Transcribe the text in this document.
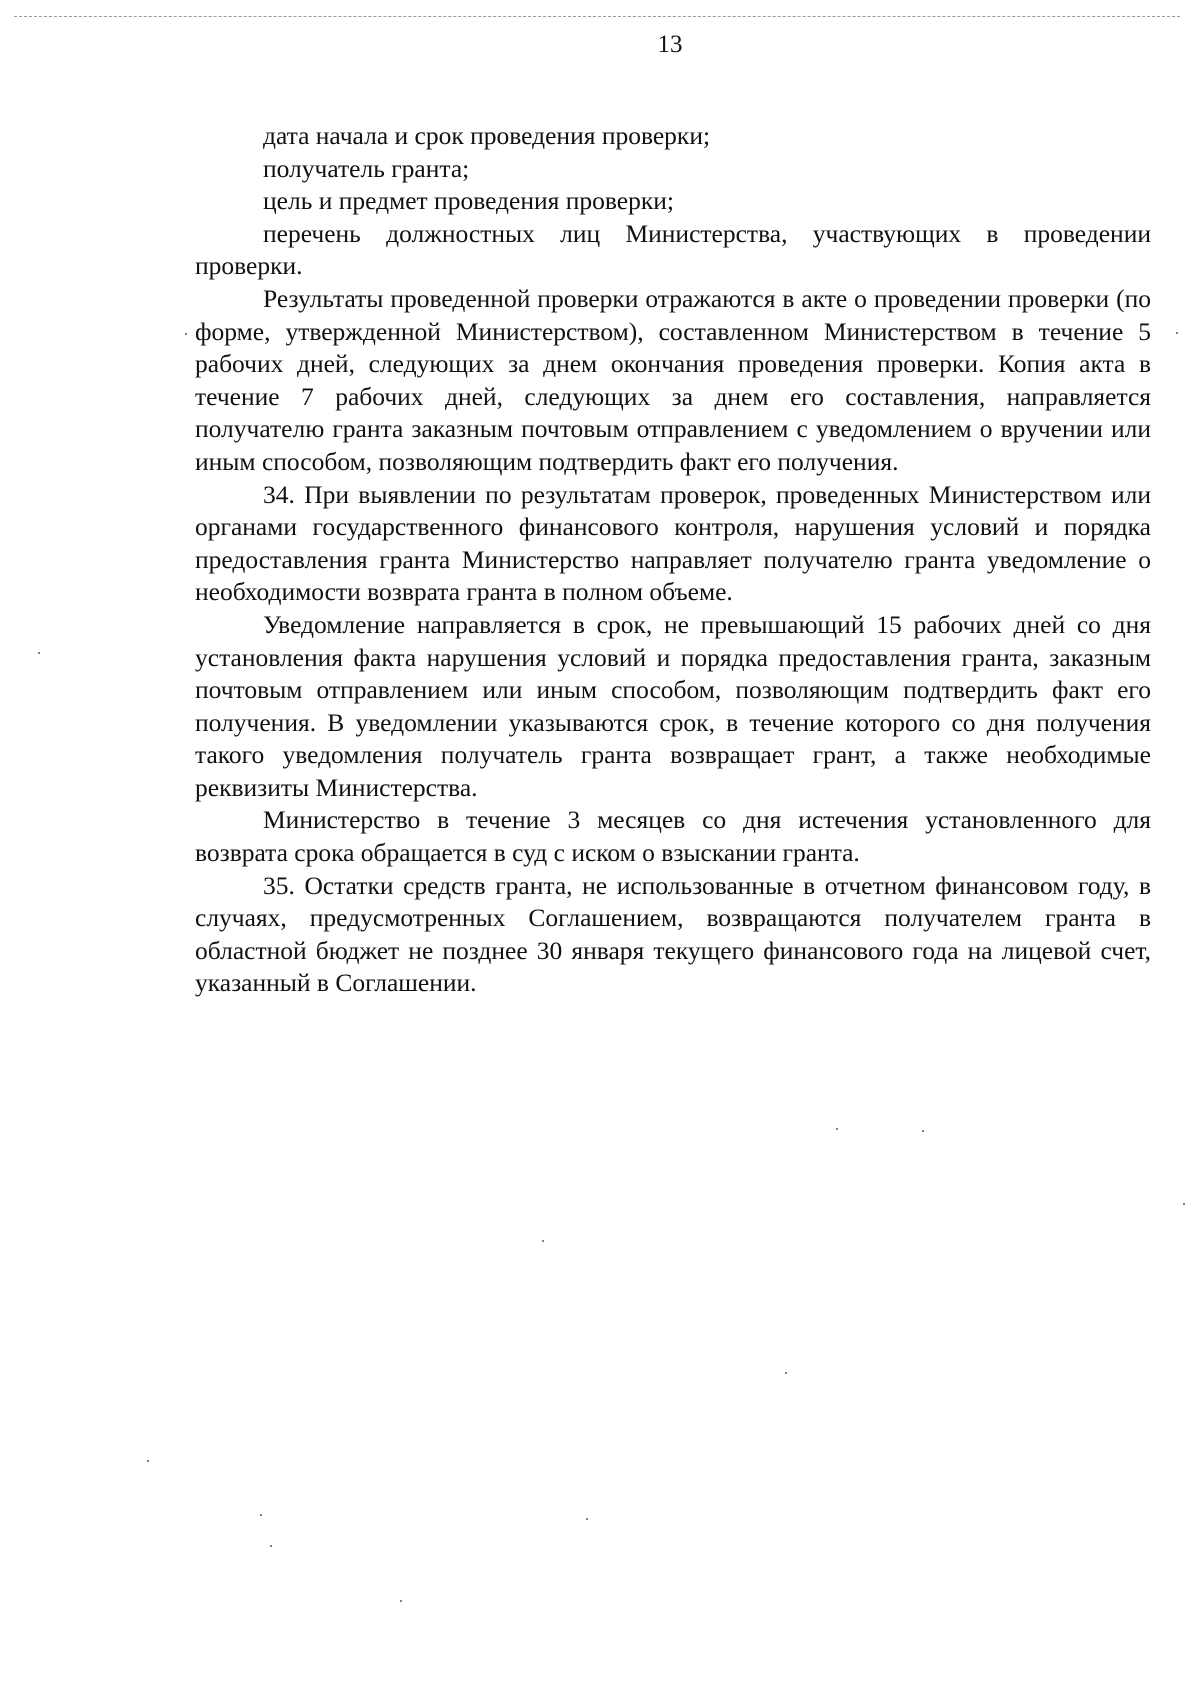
13

дата начала и срок проведения проверки;

получатель гранта;

цель и предмет проведения проверки;

перечень должностных лиц Министерства, участвующих в проведении проверки.

Результаты проведенной проверки отражаются в акте о проведении проверки (по форме, утвержденной Министерством), составленном Министерством в течение 5 рабочих дней, следующих за днем окончания проведения проверки. Копия акта в течение 7 рабочих дней, следующих за днем его составления, направляется получателю гранта заказным почтовым отправлением с уведомлением о вручении или иным способом, позволяющим подтвердить факт его получения.

34. При выявлении по результатам проверок, проведенных Министерством или органами государственного финансового контроля, нарушения условий и порядка предоставления гранта Министерство направляет получателю гранта уведомление о необходимости возврата гранта в полном объеме.

Уведомление направляется в срок, не превышающий 15 рабочих дней со дня установления факта нарушения условий и порядка предоставления гранта, заказным почтовым отправлением или иным способом, позволяющим подтвердить факт его получения. В уведомлении указываются срок, в течение которого со дня получения такого уведомления получатель гранта возвращает грант, а также необходимые реквизиты Министерства.

Министерство в течение 3 месяцев со дня истечения установленного для возврата срока обращается в суд с иском о взыскании гранта.

35. Остатки средств гранта, не использованные в отчетном финансовом году, в случаях, предусмотренных Соглашением, возвращаются получателем гранта в областной бюджет не позднее 30 января текущего финансового года на лицевой счет, указанный в Соглашении.
